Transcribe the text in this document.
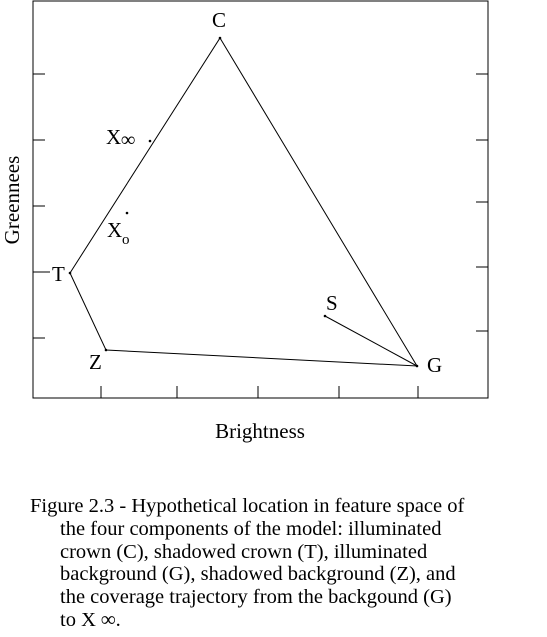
C
X ∞
X o
T
Z
S
G
Greennees
Brightness
Figure 2.3 - Hypothetical location in feature space of
the four components of the model: illuminated
crown (C), shadowed crown (T), illuminated
background (G), shadowed background (Z), and
the coverage trajectory from the backgound (G)
to X ∞.
